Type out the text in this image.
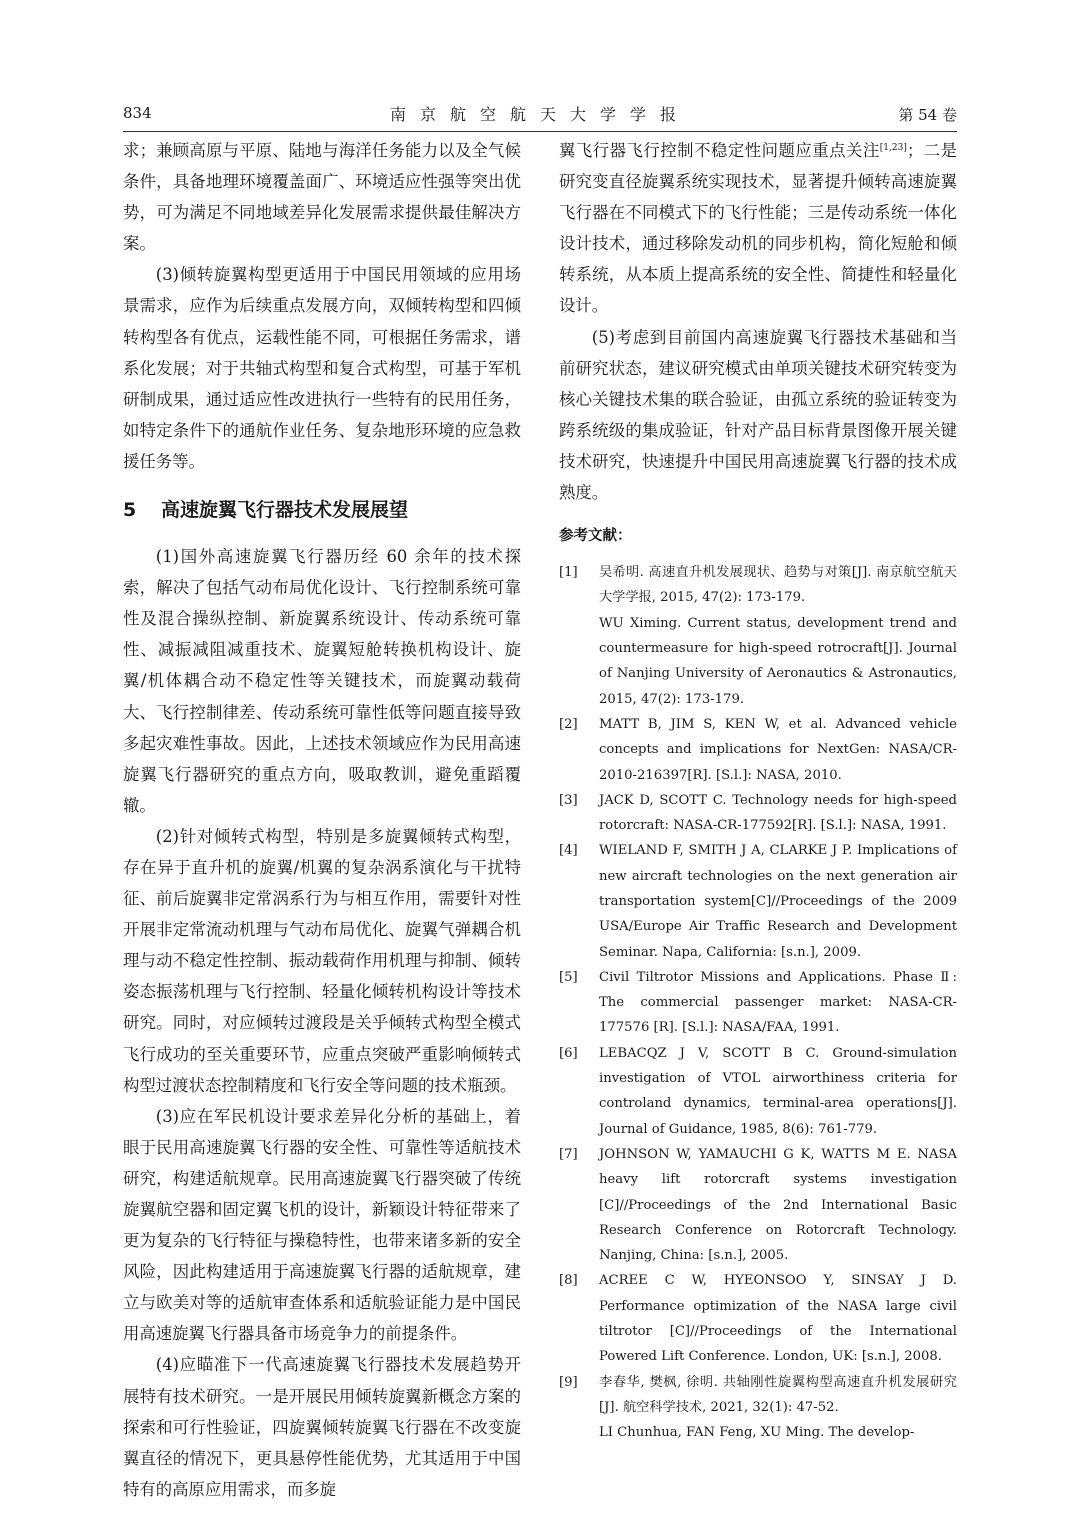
834	南京航空航天大学学报	第 54 卷

求；兼顾高原与平原、陆地与海洋任务能力以及全气候条件，具备地理环境覆盖面广、环境适应性强等突出优势，可为满足不同地域差异化发展需求提供最佳解决方案。

(3)倾转旋翼构型更适用于中国民用领域的应用场景需求，应作为后续重点发展方向，双倾转构型和四倾转构型各有优点，运载性能不同，可根据任务需求，谱系化发展；对于共轴式构型和复合式构型，可基于军机研制成果，通过适应性改进执行一些特有的民用任务，如特定条件下的通航作业任务、复杂地形环境的应急救援任务等。

5 高速旋翼飞行器技术发展展望

(1)国外高速旋翼飞行器历经 60 余年的技术探索，解决了包括气动布局优化设计、飞行控制系统可靠性及混合操纵控制、新旋翼系统设计、传动系统可靠性、减振减阻减重技术、旋翼短舱转换机构设计、旋翼/机体耦合动不稳定性等关键技术，而旋翼动载荷大、飞行控制律差、传动系统可靠性低等问题直接导致多起灾难性事故。因此，上述技术领域应作为民用高速旋翼飞行器研究的重点方向，吸取教训，避免重蹈覆辙。

(2)针对倾转式构型，特别是多旋翼倾转式构型，存在异于直升机的旋翼/机翼的复杂涡系演化与干扰特征、前后旋翼非定常涡系行为与相互作用，需要针对性开展非定常流动机理与气动布局优化、旋翼气弹耦合机理与动不稳定性控制、振动载荷作用机理与抑制、倾转姿态振荡机理与飞行控制、轻量化倾转机构设计等技术研究。同时，对应倾转过渡段是关乎倾转式构型全模式飞行成功的至关重要环节，应重点突破严重影响倾转式构型过渡状态控制精度和飞行安全等问题的技术瓶颈。

(3)应在军民机设计要求差异化分析的基础上，着眼于民用高速旋翼飞行器的安全性、可靠性等适航技术研究，构建适航规章。民用高速旋翼飞行器突破了传统旋翼航空器和固定翼飞机的设计，新颖设计特征带来了更为复杂的飞行特征与操稳特性，也带来诸多新的安全风险，因此构建适用于高速旋翼飞行器的适航规章，建立与欧美对等的适航审查体系和适航验证能力是中国民用高速旋翼飞行器具备市场竞争力的前提条件。

(4)应瞄准下一代高速旋翼飞行器技术发展趋势开展特有技术研究。一是开展民用倾转旋翼新概念方案的探索和可行性验证，四旋翼倾转旋翼飞行器在不改变旋翼直径的情况下，更具悬停性能优势，尤其适用于中国特有的高原应用需求，而多旋

翼飞行器飞行控制不稳定性问题应重点关注[1,23]；二是研究变直径旋翼系统实现技术，显著提升倾转高速旋翼飞行器在不同模式下的飞行性能；三是传动系统一体化设计技术，通过移除发动机的同步机构，简化短舱和倾转系统，从本质上提高系统的安全性、简捷性和轻量化设计。

(5)考虑到目前国内高速旋翼飞行器技术基础和当前研究状态，建议研究模式由单项关键技术研究转变为核心关键技术集的联合验证，由孤立系统的验证转变为跨系统级的集成验证，针对产品目标背景图像开展关键技术研究，快速提升中国民用高速旋翼飞行器的技术成熟度。

参考文献：
[1] 吴希明. 高速直升机发展现状、趋势与对策[J]. 南京航空航天大学学报, 2015, 47(2): 173-179.
WU Ximing. Current status, development trend and countermeasure for high-speed rotrocraft[J]. Journal of Nanjing University of Aeronautics & Astronautics, 2015, 47(2): 173-179.
[2] MATT B, JIM S, KEN W, et al. Advanced vehicle concepts and implications for NextGen: NASA/CR-2010-216397[R]. [S.l.]: NASA, 2010.
[3] JACK D, SCOTT C. Technology needs for high-speed rotorcraft: NASA-CR-177592[R]. [S.l.]: NASA, 1991.
[4] WIELAND F, SMITH J A, CLARKE J P. Implications of new aircraft technologies on the next generation air transportation system[C]//Proceedings of the 2009 USA/Europe Air Traffic Research and Development Seminar. Napa, California: [s.n.], 2009.
[5] Civil Tiltrotor Missions and Applications. Phase Ⅱ: The commercial passenger market: NASA-CR-177576 [R]. [S.l.]: NASA/FAA, 1991.
[6] LEBACQZ J V, SCOTT B C. Ground-simulation investigation of VTOL airworthiness criteria for controland dynamics, terminal-area operations[J]. Journal of Guidance, 1985, 8(6): 761-779.
[7] JOHNSON W, YAMAUCHI G K, WATTS M E. NASA heavy lift rotorcraft systems investigation [C]//Proceedings of the 2nd International Basic Research Conference on Rotorcraft Technology. Nanjing, China: [s.n.], 2005.
[8] ACREE C W, HYEONSOO Y, SINSAY J D. Performance optimization of the NASA large civil tiltrotor [C]//Proceedings of the International Powered Lift Conference. London, UK: [s.n.], 2008.
[9] 李春华, 樊枫, 徐明. 共轴刚性旋翼构型高速直升机发展研究[J]. 航空科学技术, 2021, 32(1): 47-52.
LI Chunhua, FAN Feng, XU Ming. The develop-
